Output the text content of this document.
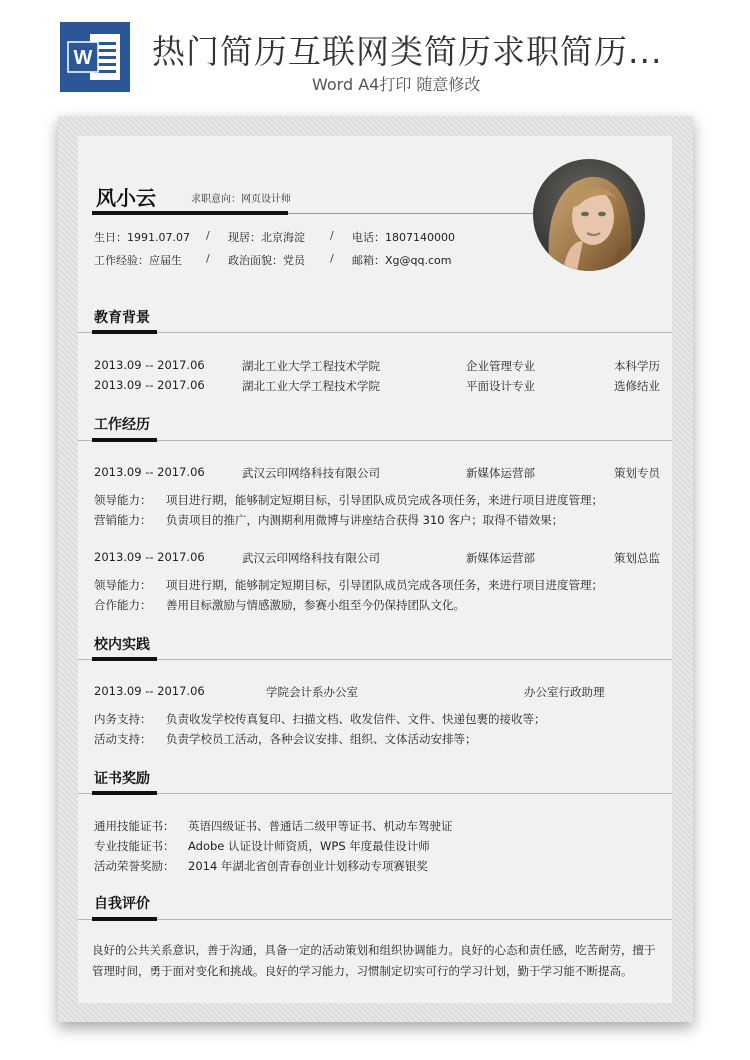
W 热门简历互联网类简历求职简历...
Word A4打印 随意修改
风小云	求职意向：网页设计师
生日：1991.07.07 / 现居：北京海淀 / 电话：1807140000
工作经验：应届生 / 政治面貌：党员 / 邮箱：Xg@qq.com
教育背景
2013.09 -- 2017.06	湖北工业大学工程技术学院	企业管理专业	本科学历
2013.09 -- 2017.06	湖北工业大学工程技术学院	平面设计专业	选修结业
工作经历
2013.09 -- 2017.06	武汉云印网络科技有限公司	新媒体运营部	策划专员
领导能力： 项目进行期，能够制定短期目标，引导团队成员完成各项任务，来进行项目进度管理；
营销能力： 负责项目的推广，内测期利用微博与讲座结合获得 310 客户；取得不错效果；
2013.09 -- 2017.06	武汉云印网络科技有限公司	新媒体运营部	策划总监
领导能力： 项目进行期，能够制定短期目标，引导团队成员完成各项任务，来进行项目进度管理；
合作能力： 善用目标激励与情感激励，参赛小组至今仍保持团队文化。
校内实践
2013.09 -- 2017.06	学院会计系办公室	办公室行政助理
内务支持： 负责收发学校传真复印、扫描文档、收发信件、文件、快递包裹的接收等；
活动支持： 负责学校员工活动，各种会议安排、组织、文体活动安排等；
证书奖励
通用技能证书： 英语四级证书、普通话二级甲等证书、机动车驾驶证
专业技能证书： Adobe 认证设计师资质，WPS 年度最佳设计师
活动荣誉奖励： 2014 年湖北省创青春创业计划移动专项赛银奖
自我评价
良好的公共关系意识，善于沟通，具备一定的活动策划和组织协调能力。良好的心态和责任感，吃苦耐劳，擅于管理时间，勇于面对变化和挑战。良好的学习能力，习惯制定切实可行的学习计划，勤于学习能不断提高。
